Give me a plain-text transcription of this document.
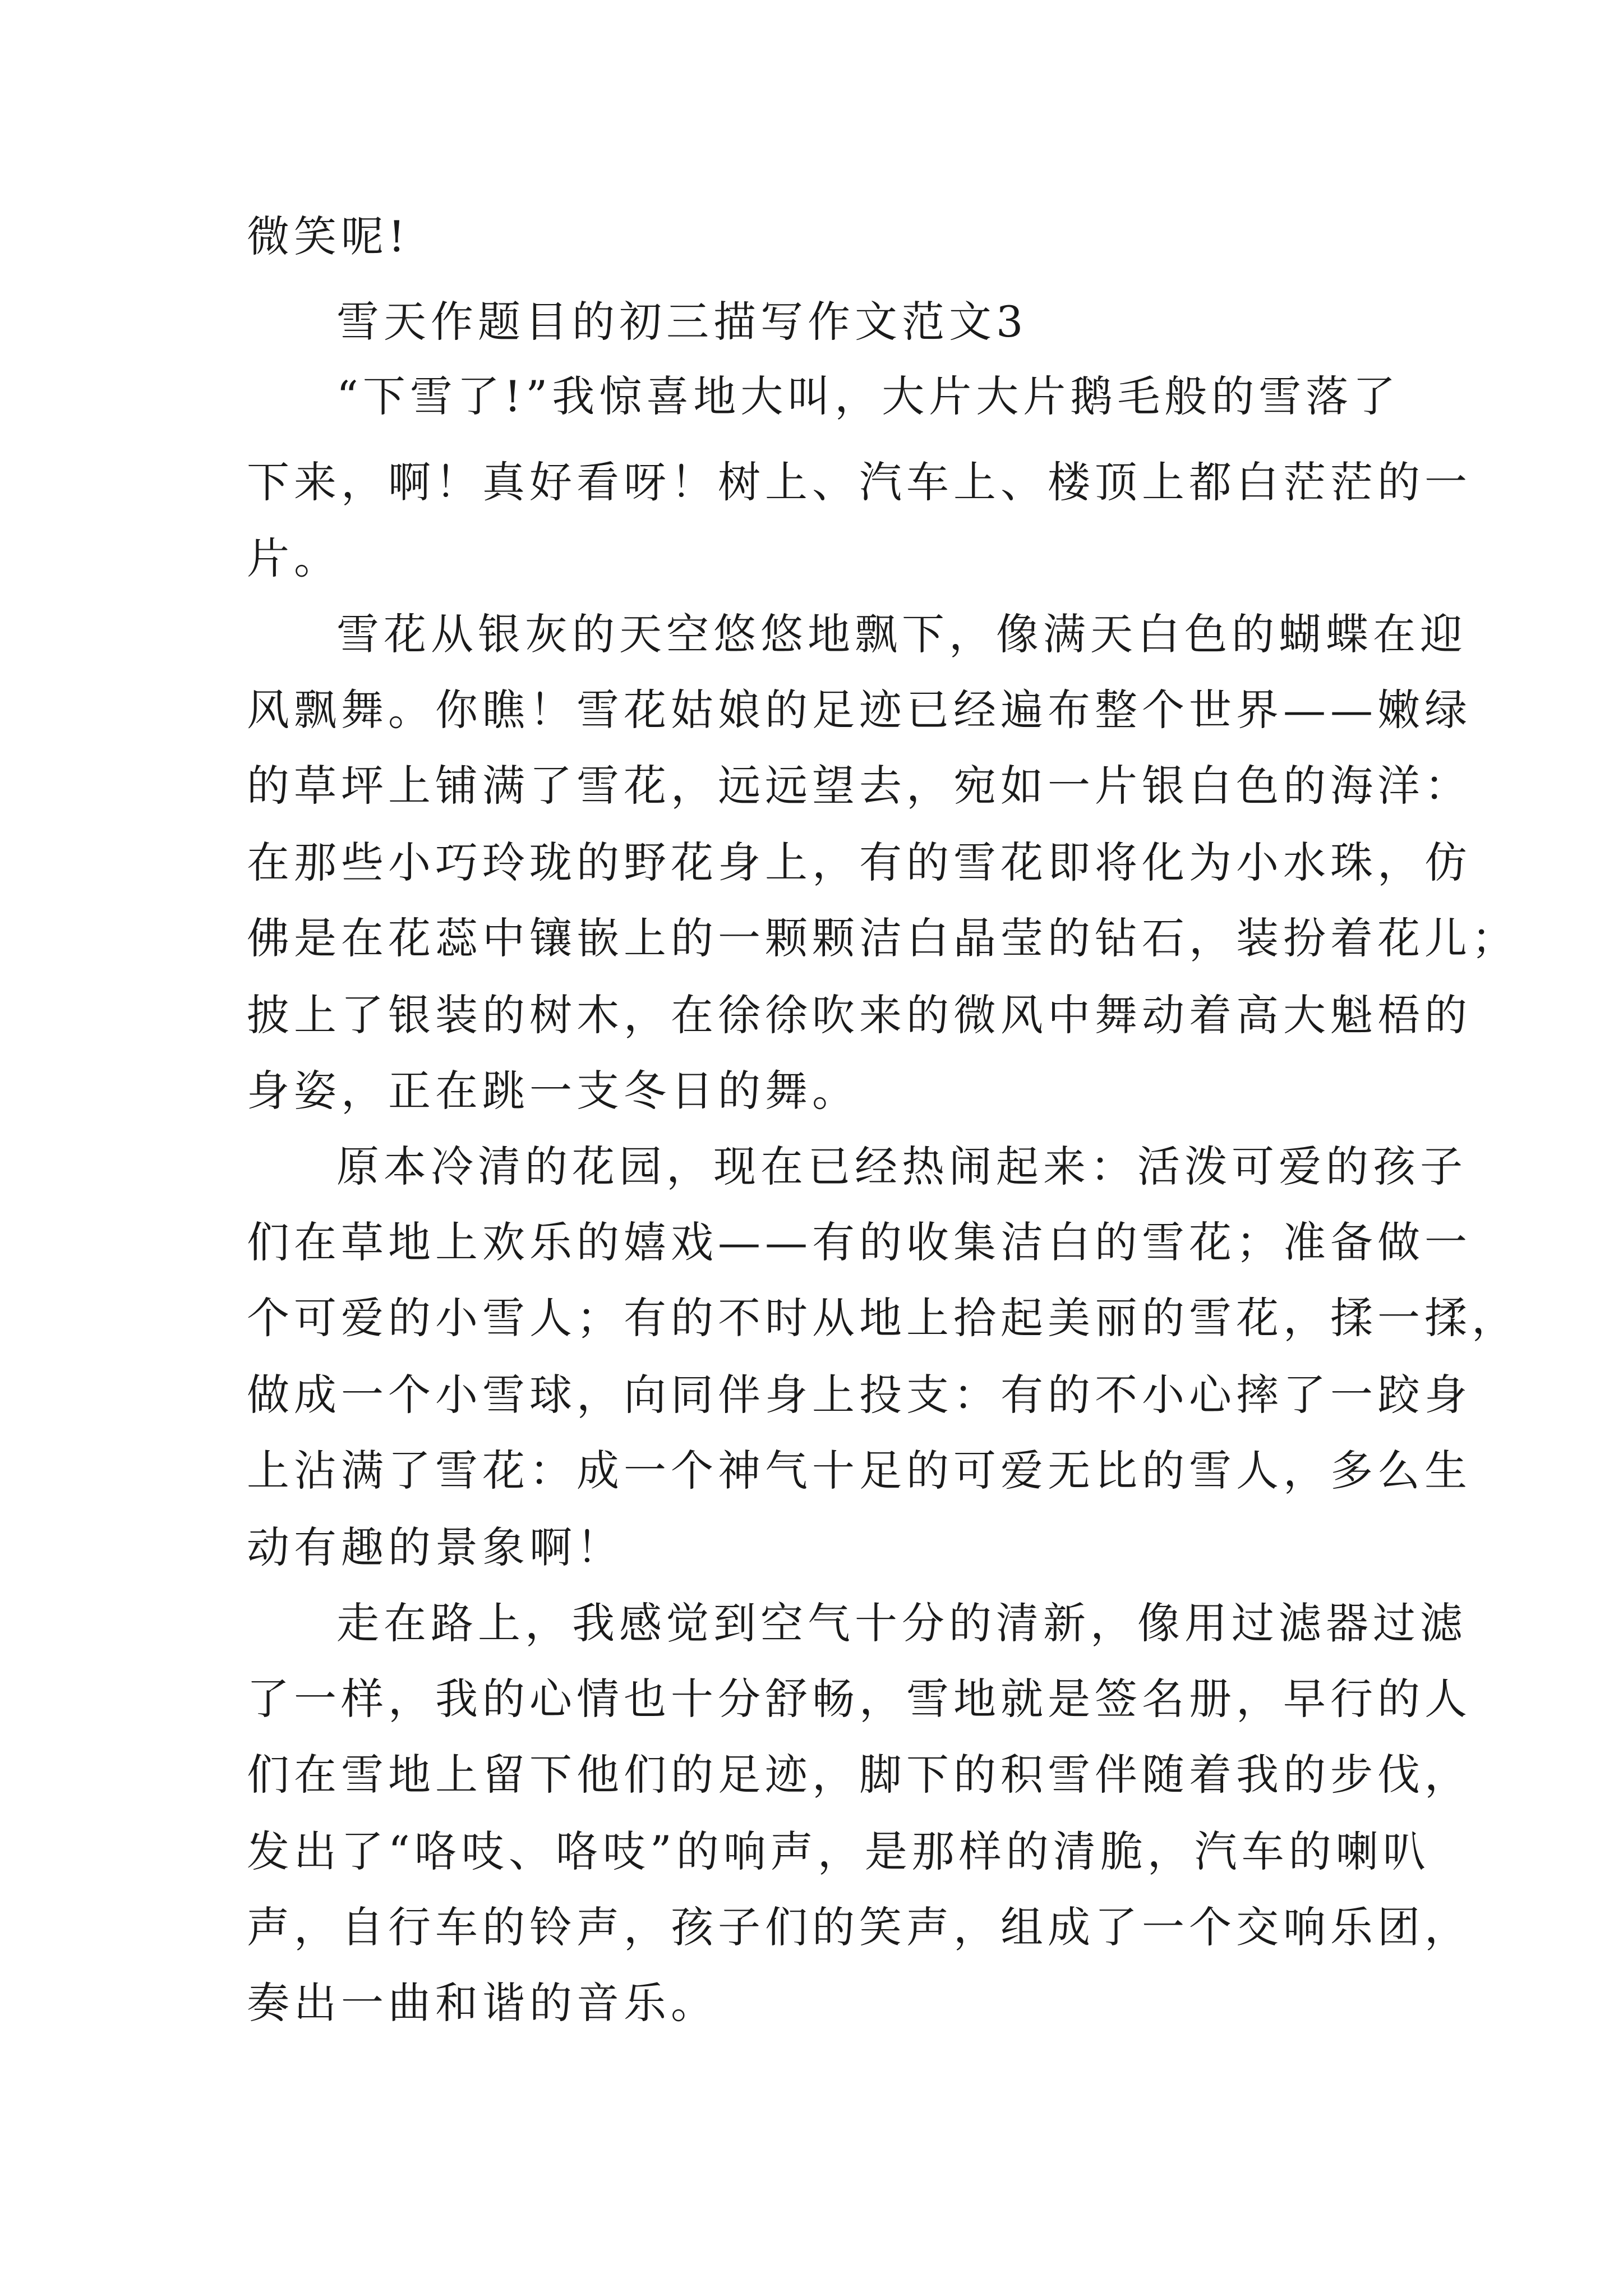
微笑呢!
雪天作题目的初三描写作文范文3
“下雪了!”我惊喜地大叫，大片大片鹅毛般的雪落了
下来，啊！真好看呀！树上、汽车上、楼顶上都白茫茫的一
片。
雪花从银灰的天空悠悠地飘下，像满天白色的蝴蝶在迎
风飘舞。你瞧！雪花姑娘的足迹已经遍布整个世界——嫩绿
的草坪上铺满了雪花，远远望去，宛如一片银白色的海洋：
在那些小巧玲珑的野花身上，有的雪花即将化为小水珠，仿
佛是在花蕊中镶嵌上的一颗颗洁白晶莹的钻石，装扮着花儿；
披上了银装的树木，在徐徐吹来的微风中舞动着高大魁梧的
身姿，正在跳一支冬日的舞。
原本冷清的花园，现在已经热闹起来：活泼可爱的孩子
们在草地上欢乐的嬉戏——有的收集洁白的雪花；准备做一
个可爱的小雪人；有的不时从地上拾起美丽的雪花，揉一揉，
做成一个小雪球，向同伴身上投支：有的不小心摔了一跤身
上沾满了雪花：成一个神气十足的可爱无比的雪人，多么生
动有趣的景象啊！
走在路上，我感觉到空气十分的清新，像用过滤器过滤
了一样，我的心情也十分舒畅，雪地就是签名册，早行的人
们在雪地上留下他们的足迹，脚下的积雪伴随着我的步伐，
发出了“咯吱、咯吱”的响声，是那样的清脆，汽车的喇叭
声，自行车的铃声，孩子们的笑声，组成了一个交响乐团，
奏出一曲和谐的音乐。
